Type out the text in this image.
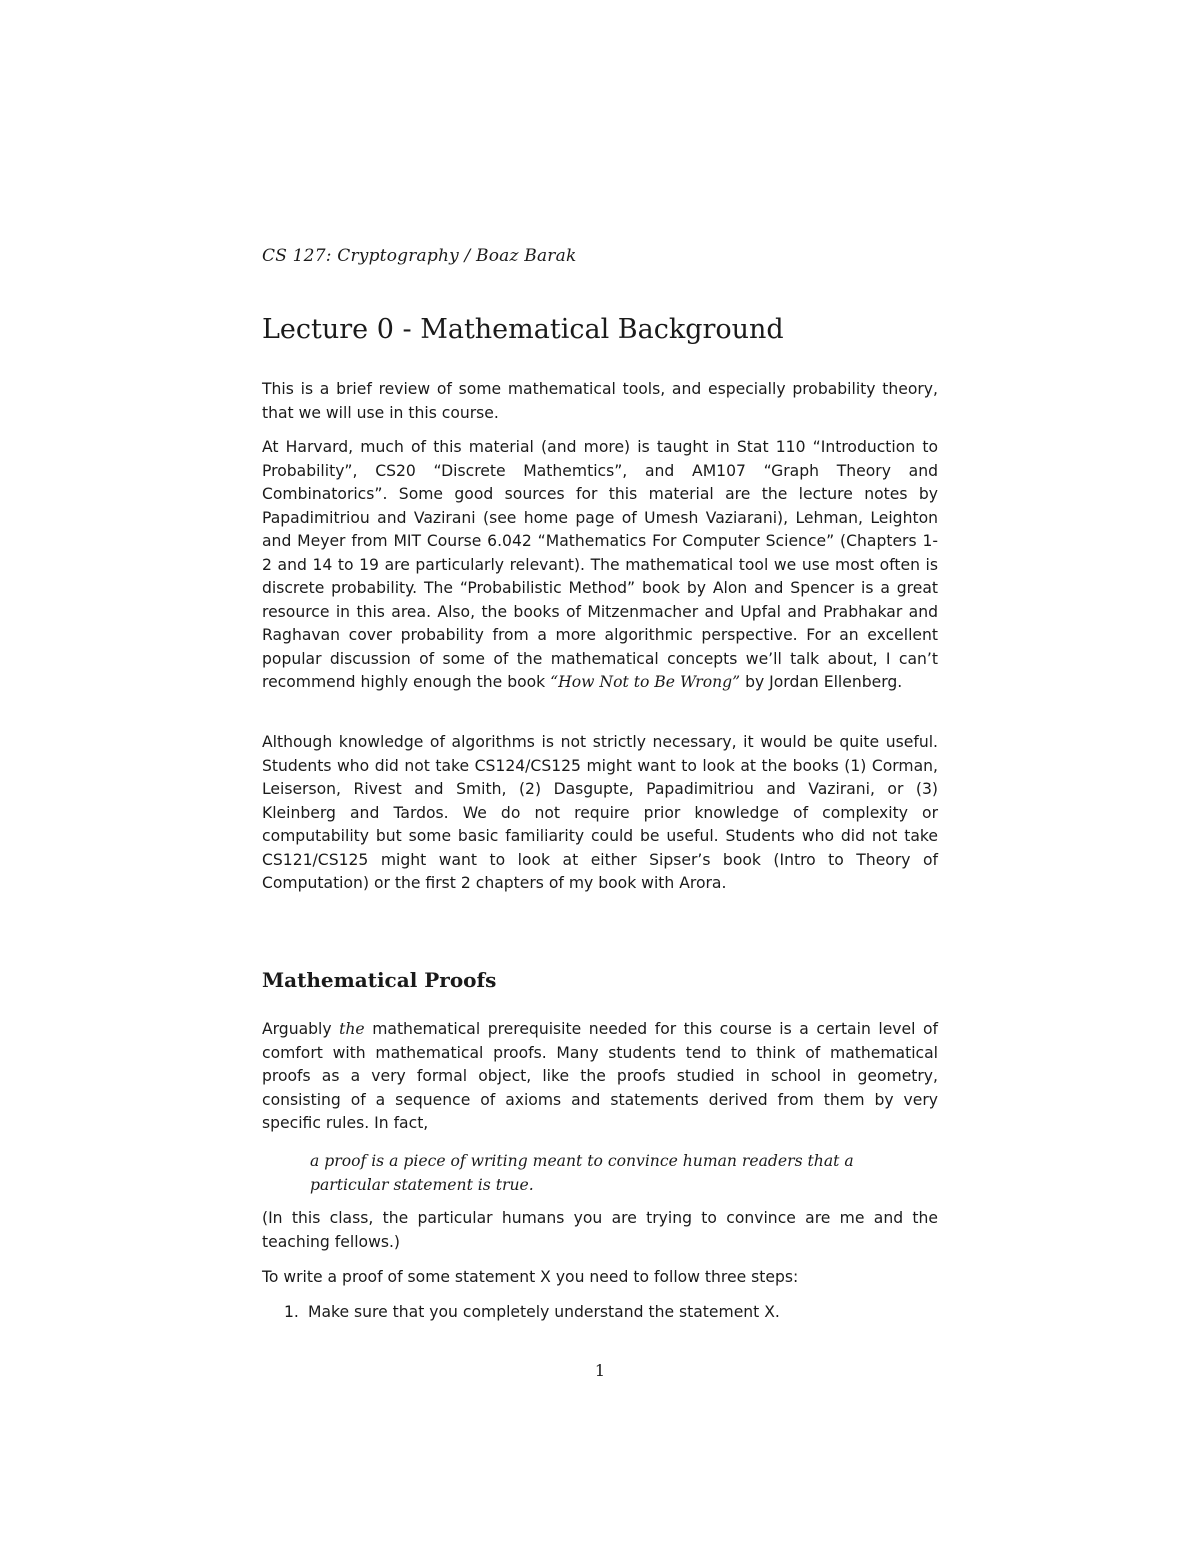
CS 127: Cryptography / Boaz Barak
Lecture 0 - Mathematical Background

This is a brief review of some mathematical tools, and especially probability theory, that we will use in this course.

At Harvard, much of this material (and more) is taught in Stat 110 “Introduction to Probability”, CS20 “Discrete Mathemtics”, and AM107 “Graph Theory and Combinatorics”. Some good sources for this material are the lecture notes by Papadimitriou and Vazirani (see home page of Umesh Vaziarani), Lehman, Leighton and Meyer from MIT Course 6.042 “Mathematics For Computer Science” (Chapters 1-2 and 14 to 19 are particularly relevant). The mathematical tool we use most often is discrete probability. The “Probabilistic Method” book by Alon and Spencer is a great resource in this area. Also, the books of Mitzenmacher and Upfal and Prabhakar and Raghavan cover probability from a more algorithmic perspective. For an excellent popular discussion of some of the mathematical concepts we’ll talk about, I can’t recommend highly enough the book “How Not to Be Wrong” by Jordan Ellenberg.

Although knowledge of algorithms is not strictly necessary, it would be quite useful. Students who did not take CS124/CS125 might want to look at the books (1) Corman, Leiserson, Rivest and Smith, (2) Dasgupte, Papadimitriou and Vazirani, or (3) Kleinberg and Tardos. We do not require prior knowledge of complexity or computability but some basic familiarity could be useful. Students who did not take CS121/CS125 might want to look at either Sipser’s book (Intro to Theory of Computation) or the first 2 chapters of my book with Arora.

Mathematical Proofs

Arguably the mathematical prerequisite needed for this course is a certain level of comfort with mathematical proofs. Many students tend to think of mathematical proofs as a very formal object, like the proofs studied in school in geometry, consisting of a sequence of axioms and statements derived from them by very specific rules. In fact,

a proof is a piece of writing meant to convince human readers that a particular statement is true.

(In this class, the particular humans you are trying to convince are me and the teaching fellows.)

To write a proof of some statement X you need to follow three steps:

1. Make sure that you completely understand the statement X.
1
